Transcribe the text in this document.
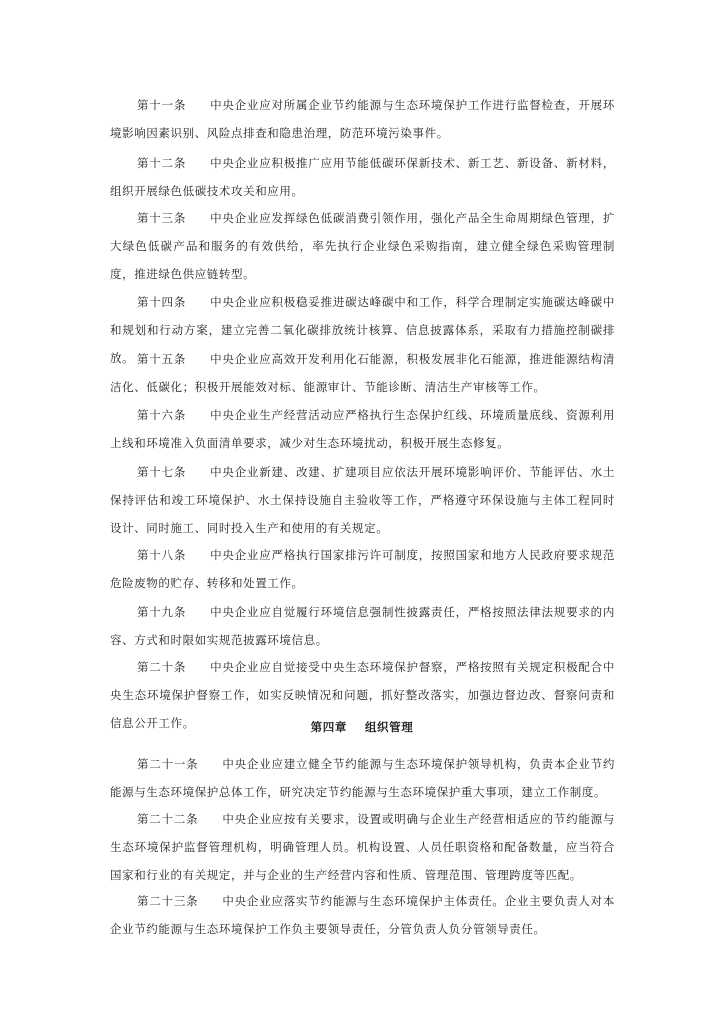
第十一条 中央企业应对所属企业节约能源与生态环境保护工作进行监督检查，开展环境影响因素识别、风险点排查和隐患治理，防范环境污染事件。

第十二条 中央企业应积极推广应用节能低碳环保新技术、新工艺、新设备、新材料，组织开展绿色低碳技术攻关和应用。

第十三条 中央企业应发挥绿色低碳消费引领作用，强化产品全生命周期绿色管理，扩大绿色低碳产品和服务的有效供给，率先执行企业绿色采购指南，建立健全绿色采购管理制度，推进绿色供应链转型。

第十四条 中央企业应积极稳妥推进碳达峰碳中和工作，科学合理制定实施碳达峰碳中和规划和行动方案，建立完善二氧化碳排放统计核算、信息披露体系，采取有力措施控制碳排放。 第十五条 中央企业应高效开发利用化石能源，积极发展非化石能源，推进能源结构清洁化、低碳化；积极开展能效对标、能源审计、节能诊断、清洁生产审核等工作。

第十六条 中央企业生产经营活动应严格执行生态保护红线、环境质量底线、资源利用上线和环境准入负面清单要求，减少对生态环境扰动，积极开展生态修复。

第十七条 中央企业新建、改建、扩建项目应依法开展环境影响评价、节能评估、水土保持评估和竣工环境保护、水土保持设施自主验收等工作，严格遵守环保设施与主体工程同时设计、同时施工、同时投入生产和使用的有关规定。

第十八条 中央企业应严格执行国家排污许可制度，按照国家和地方人民政府要求规范危险废物的贮存、转移和处置工作。

第十九条 中央企业应自觉履行环境信息强制性披露责任，严格按照法律法规要求的内容、方式和时限如实规范披露环境信息。

第二十条 中央企业应自觉接受中央生态环境保护督察，严格按照有关规定积极配合中央生态环境保护督察工作，如实反映情况和问题，抓好整改落实，加强边督边改、督察问责和信息公开工作。	第四章 组织管理

第二十一条 中央企业应建立健全节约能源与生态环境保护领导机构，负责本企业节约能源与生态环境保护总体工作，研究决定节约能源与生态环境保护重大事项，建立工作制度。

第二十二条 中央企业应按有关要求，设置或明确与企业生产经营相适应的节约能源与生态环境保护监督管理机构，明确管理人员。机构设置、人员任职资格和配备数量，应当符合国家和行业的有关规定，并与企业的生产经营内容和性质、管理范围、管理跨度等匹配。

第二十三条 中央企业应落实节约能源与生态环境保护主体责任。企业主要负责人对本企业节约能源与生态环境保护工作负主要领导责任，分管负责人负分管领导责任。
